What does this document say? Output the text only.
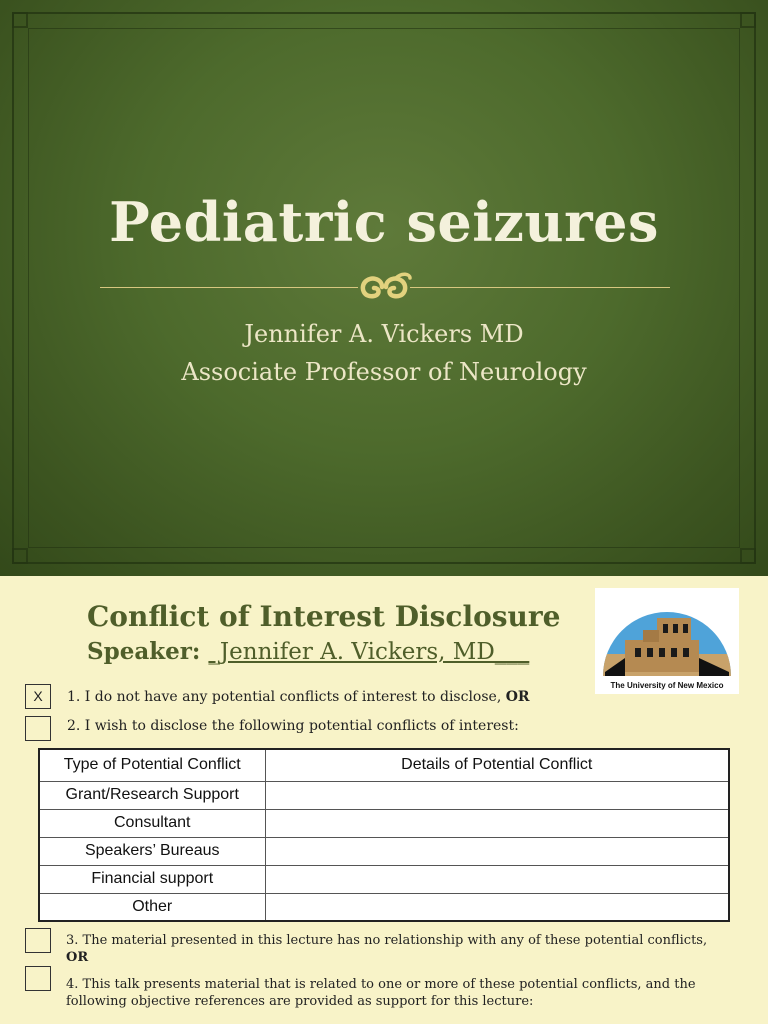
Pediatric seizures
Jennifer A. Vickers MD
Associate Professor of Neurology
Conflict of Interest Disclosure
Speaker: _Jennifer A. Vickers, MD___
The University of New Mexico
X	1. I do not have any potential conflicts of interest to disclose, OR
2. I wish to disclose the following potential conflicts of interest:
Type of Potential Conflict	Details of Potential Conflict
Grant/Research Support	
Consultant	
Speakers’ Bureaus	
Financial support	
Other	
3. The material presented in this lecture has no relationship with any of these potential conflicts,
OR
4. This talk presents material that is related to one or more of these potential conflicts, and the following objective references are provided as support for this lecture:
